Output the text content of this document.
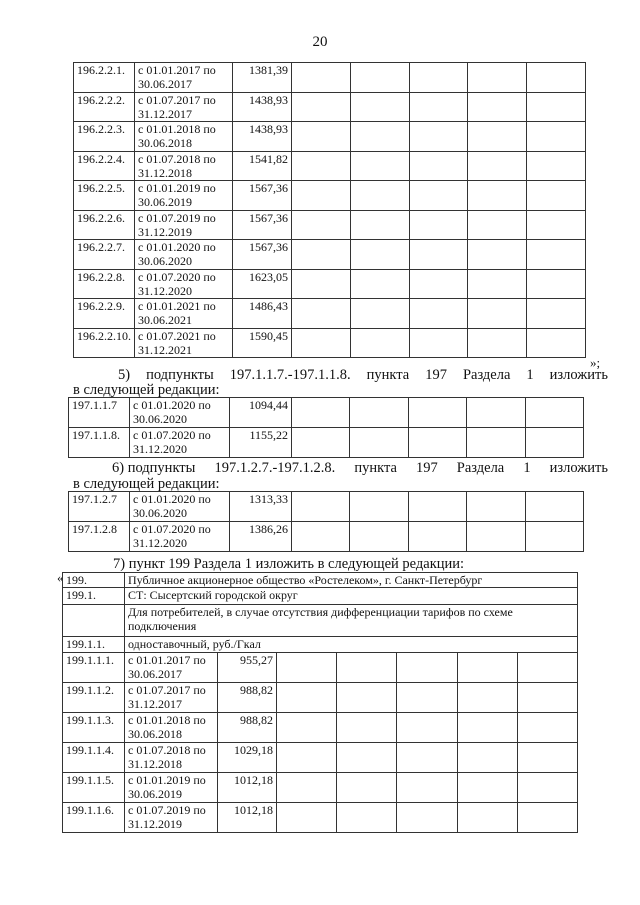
20
196.2.2.1.	с 01.01.2017 по 30.06.2017	1381,39					
196.2.2.2.	с 01.07.2017 по 31.12.2017	1438,93					
196.2.2.3.	с 01.01.2018 по 30.06.2018	1438,93					
196.2.2.4.	с 01.07.2018 по 31.12.2018	1541,82					
196.2.2.5.	с 01.01.2019 по 30.06.2019	1567,36					
196.2.2.6.	с 01.07.2019 по 31.12.2019	1567,36					
196.2.2.7.	с 01.01.2020 по 30.06.2020	1567,36					
196.2.2.8.	с 01.07.2020 по 31.12.2020	1623,05					
196.2.2.9.	с 01.01.2021 по 30.06.2021	1486,43					
196.2.2.10.	с 01.07.2021 по 31.12.2021	1590,45					
»;
5) подпункты 197.1.1.7.-197.1.1.8. пункта 197 Раздела 1 изложить
в следующей редакции:
197.1.1.7	с 01.01.2020 по 30.06.2020	1094,44					
197.1.1.8.	с 01.07.2020 по 31.12.2020	1155,22					
6) подпункты 197.1.2.7.-197.1.2.8. пункта 197 Раздела 1 изложить
в следующей редакции:
197.1.2.7	с 01.01.2020 по 30.06.2020	1313,33					
197.1.2.8	с 01.07.2020 по 31.12.2020	1386,26					
7) пункт 199 Раздела 1 изложить в следующей редакции:
« 199.	Публичное акционерное общество «Ростелеком», г. Санкт-Петербург						
199.1.	СТ: Сысертский городской округ						
	Для потребителей, в случае отсутствия дифференциации тарифов по схеме подключения						
199.1.1.	одноставочный, руб./Гкал						
199.1.1.1.	с 01.01.2017 по 30.06.2017	955,27					
199.1.1.2.	с 01.07.2017 по 31.12.2017	988,82					
199.1.1.3.	с 01.01.2018 по 30.06.2018	988,82					
199.1.1.4.	с 01.07.2018 по 31.12.2018	1029,18					
199.1.1.5.	с 01.01.2019 по 30.06.2019	1012,18					
199.1.1.6.	с 01.07.2019 по 31.12.2019	1012,18					
